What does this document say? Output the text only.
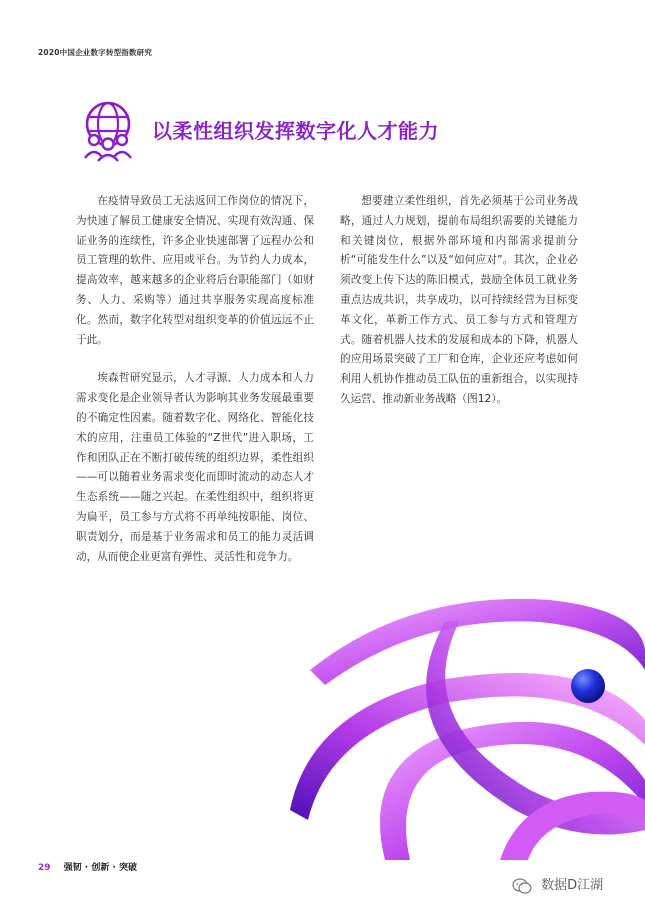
2020中国企业数字转型指数研究
以柔性组织发挥数字化人才能力

在疫情导致员工无法返回工作岗位的情况下，为快速了解员工健康安全情况、实现有效沟通、保证业务的连续性，许多企业快速部署了远程办公和员工管理的软件、应用或平台。为节约人力成本，提高效率，越来越多的企业将后台职能部门（如财务、人力、采购等）通过共享服务实现高度标准化。然而，数字化转型对组织变革的价值远远不止于此。

埃森哲研究显示，人才寻源、人力成本和人力需求变化是企业领导者认为影响其业务发展最重要的不确定性因素。随着数字化、网络化、智能化技术的应用，注重员工体验的“Z世代”进入职场，工作和团队正在不断打破传统的组织边界，柔性组织——可以随着业务需求变化而即时流动的动态人才生态系统——随之兴起。在柔性组织中，组织将更为扁平，员工参与方式将不再单纯按职能、岗位、职责划分，而是基于业务需求和员工的能力灵活调动，从而使企业更富有弹性、灵活性和竞争力。

想要建立柔性组织，首先必须基于公司业务战略，通过人力规划，提前布局组织需要的关键能力和关键岗位，根据外部环境和内部需求提前分析“可能发生什么”以及“如何应对”。其次，企业必须改变上传下达的陈旧模式，鼓励全体员工就业务重点达成共识，共享成功，以可持续经营为目标变革文化，革新工作方式、员工参与方式和管理方式。随着机器人技术的发展和成本的下降，机器人的应用场景突破了工厂和仓库，企业还应考虑如何利用人机协作推动员工队伍的重新组合，以实现持久运营、推动新业务战略（图12）。

29 强韧 · 创新 · 突破
数据D江湖
